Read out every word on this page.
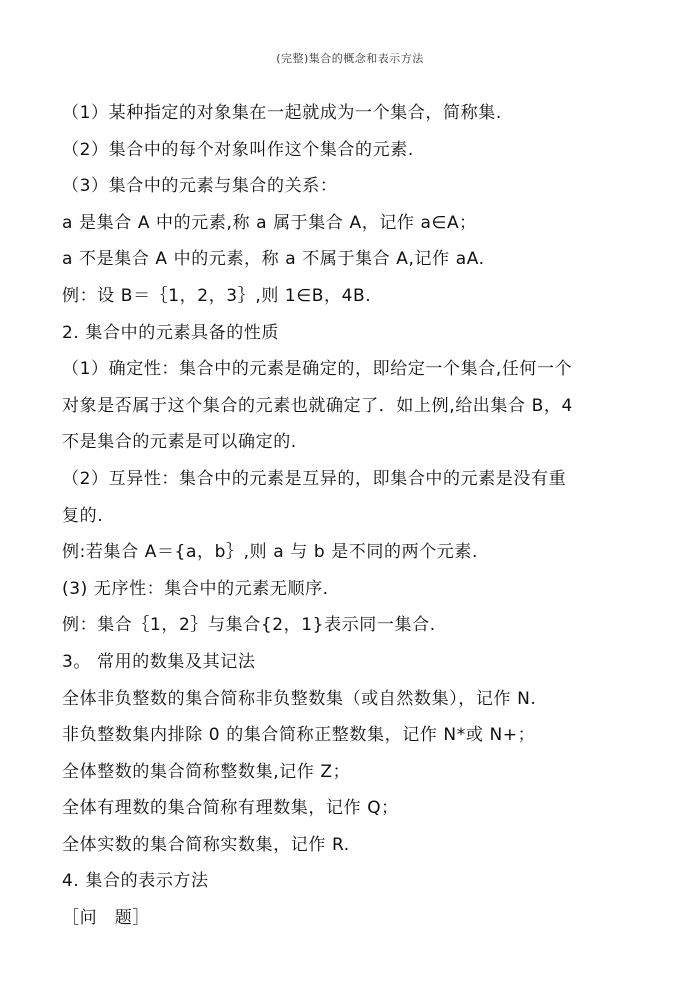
(完整)集合的概念和表示方法
（1）某种指定的对象集在一起就成为一个集合，简称集.
（2）集合中的每个对象叫作这个集合的元素.
（3）集合中的元素与集合的关系：
a 是集合 A 中的元素,称 a 属于集合 A，记作 a∈A；
a 不是集合 A 中的元素，称 a 不属于集合 A,记作 aA.
例：设 B＝｛1，2，3｝,则 1∈B，4B.
2. 集合中的元素具备的性质
（1）确定性：集合中的元素是确定的，即给定一个集合,任何一个
对象是否属于这个集合的元素也就确定了．如上例,给出集合 B，4
不是集合的元素是可以确定的.
（2）互异性：集合中的元素是互异的，即集合中的元素是没有重
复的.
例:若集合 A＝{a，b｝,则 a 与 b 是不同的两个元素.
(3) 无序性：集合中的元素无顺序.
例：集合｛1，2｝与集合{2，1}表示同一集合.
3。 常用的数集及其记法
全体非负整数的集合简称非负整数集（或自然数集），记作 N.
非负整数集内排除 0 的集合简称正整数集，记作 N*或 N+；
全体整数的集合简称整数集,记作 Z；
全体有理数的集合简称有理数集，记作 Q；
全体实数的集合简称实数集，记作 R.
4. 集合的表示方法
［问　题］
